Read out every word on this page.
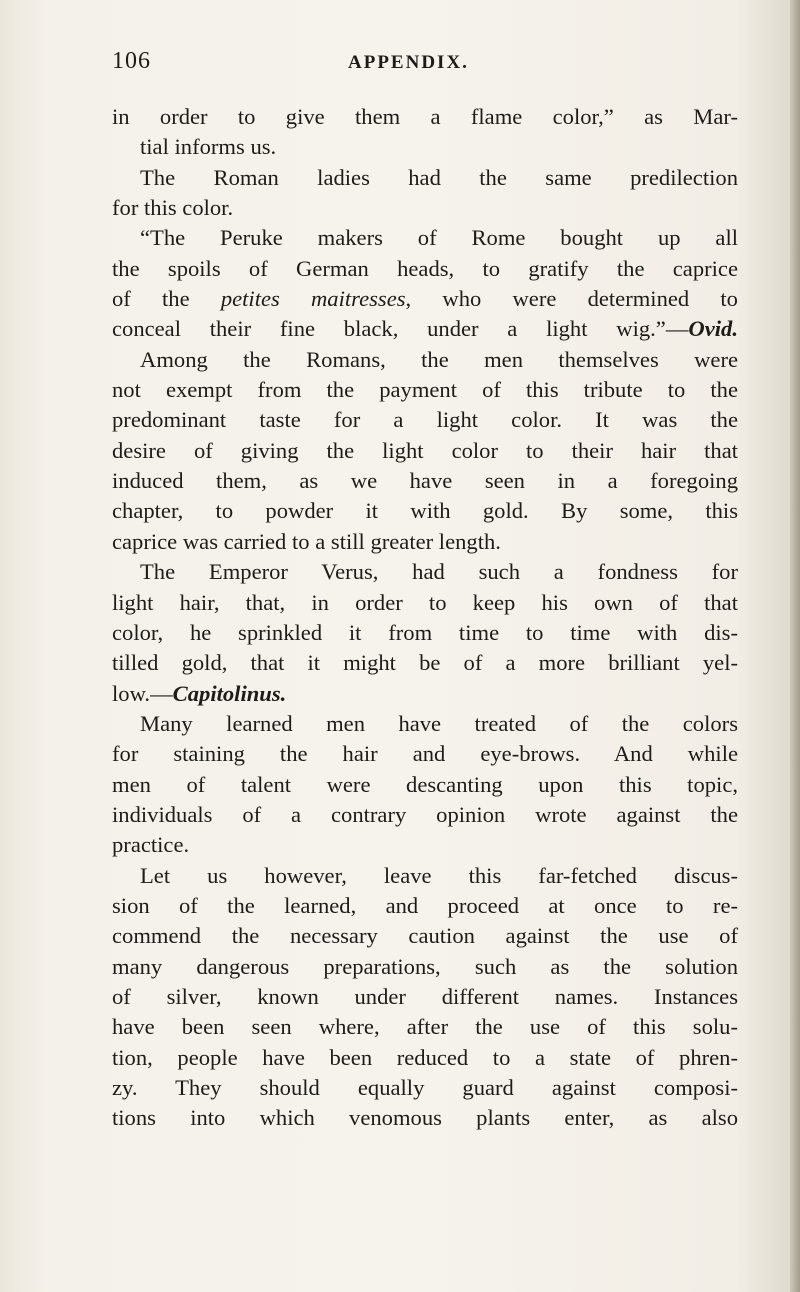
106	APPENDIX.
in order to give them a flame color,” as Mar-
tial informs us.
The Roman ladies had the same predilection
for this color.
“The Peruke makers of Rome bought up all
the spoils of German heads, to gratify the caprice
of the petites maitresses, who were determined to
conceal their fine black, under a light wig.”—Ovid.
Among the Romans, the men themselves were
not exempt from the payment of this tribute to the
predominant taste for a light color. It was the
desire of giving the light color to their hair that
induced them, as we have seen in a foregoing
chapter, to powder it with gold. By some, this
caprice was carried to a still greater length.
The Emperor Verus, had such a fondness for
light hair, that, in order to keep his own of that
color, he sprinkled it from time to time with dis-
tilled gold, that it might be of a more brilliant yel-
low.—Capitolinus.
Many learned men have treated of the colors
for staining the hair and eye-brows. And while
men of talent were descanting upon this topic,
individuals of a contrary opinion wrote against the
practice.
Let us however, leave this far-fetched discus-
sion of the learned, and proceed at once to re-
commend the necessary caution against the use of
many dangerous preparations, such as the solution
of silver, known under different names. Instances
have been seen where, after the use of this solu-
tion, people have been reduced to a state of phren-
zy. They should equally guard against composi-
tions into which venomous plants enter, as also
